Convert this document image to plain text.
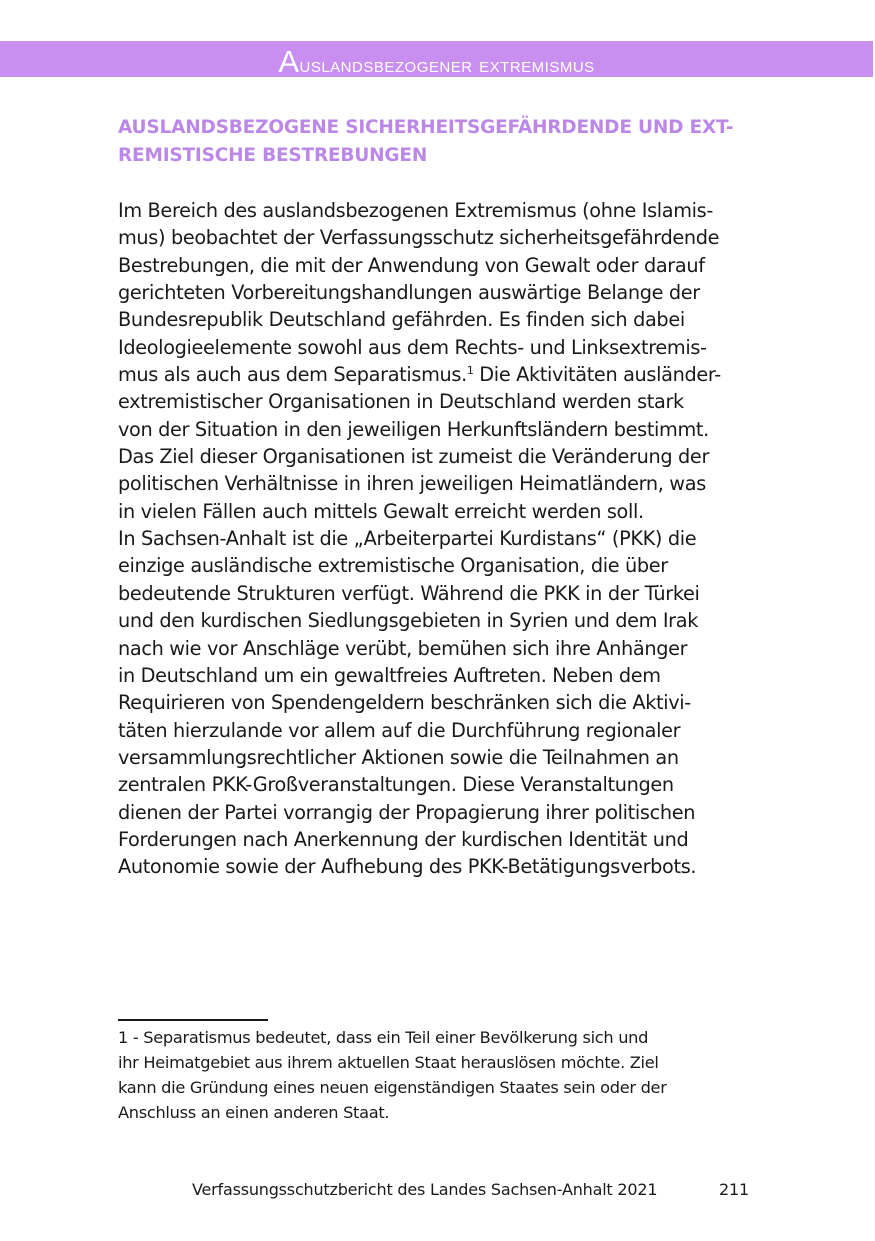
Auslandsbezogener extremismus
AUSLANDSBEZOGENE SICHERHEITSGEFÄHRDENDE UND EXT-
REMISTISCHE BESTREBUNGEN
Im Bereich des auslandsbezogenen Extremismus (ohne Islamis-
mus) beobachtet der Verfassungsschutz sicherheitsgefährdende
Bestrebungen, die mit der Anwendung von Gewalt oder darauf
gerichteten Vorbereitungshandlungen auswärtige Belange der
Bundesrepublik Deutschland gefährden. Es finden sich dabei
Ideologieelemente sowohl aus dem Rechts- und Linksextremis-
mus als auch aus dem Separatismus.$^1$ Die Aktivitäten ausländer-
extremistischer Organisationen in Deutschland werden stark
von der Situation in den jeweiligen Herkunftsländern bestimmt.
Das Ziel dieser Organisationen ist zumeist die Veränderung der
politischen Verhältnisse in ihren jeweiligen Heimatländern, was
in vielen Fällen auch mittels Gewalt erreicht werden soll.
In Sachsen-Anhalt ist die „Arbeiterpartei Kurdistans“ (PKK) die
einzige ausländische extremistische Organisation, die über
bedeutende Strukturen verfügt. Während die PKK in der Türkei
und den kurdischen Siedlungsgebieten in Syrien und dem Irak
nach wie vor Anschläge verübt, bemühen sich ihre Anhänger
in Deutschland um ein gewaltfreies Auftreten. Neben dem
Requirieren von Spendengeldern beschränken sich die Aktivi-
täten hierzulande vor allem auf die Durchführung regionaler
versammlungsrechtlicher Aktionen sowie die Teilnahmen an
zentralen PKK-Großveranstaltungen. Diese Veranstaltungen
dienen der Partei vorrangig der Propagierung ihrer politischen
Forderungen nach Anerkennung der kurdischen Identität und
Autonomie sowie der Aufhebung des PKK-Betätigungsverbots.
1 - Separatismus bedeutet, dass ein Teil einer Bevölkerung sich und
ihr Heimatgebiet aus ihrem aktuellen Staat herauslösen möchte. Ziel
kann die Gründung eines neuen eigenständigen Staates sein oder der
Anschluss an einen anderen Staat.
Verfassungsschutzbericht des Landes Sachsen-Anhalt 2021	211
